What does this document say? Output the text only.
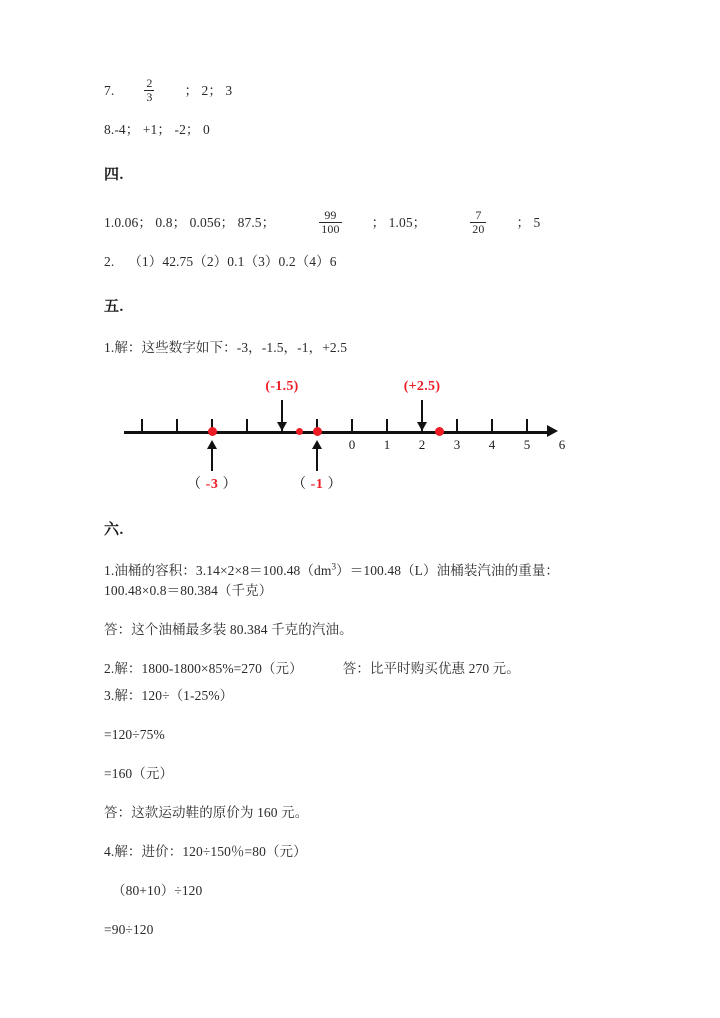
7.	$\frac{2}{3}$ ； 2； 3
8. -4； +1； -2； 0
四.
1. 0.06； 0.8； 0.056； 87.5；	$\frac{99}{100}$ ； 1.05；	$\frac{7}{20}$ ； 5
2. （1）42.75（2）0.1（3）0.2（4）6
五.
1. 解：这些数字如下：-3，-1.5，-1，+2.5
(-1.5)	(+2.5)
0 1 2 3 4 5 6
（ -3 ）	（ -1 ）
六.
1.油桶的容积：$3.14\times 2\times 8=100.48(dm^3)=100.48(L)$油桶装汽油的重量：
100.48×0.8＝80.384（千克）
答：这个油桶最多装 80.384 千克的汽油。
2. 解：1800-1800×85%=270（元）	答：比平时购买优惠 270 元。
3. 解：120÷（1-25%）
=120÷75%
=160（元）
答：这款运动鞋的原价为 160 元。
4. 解：进价：120÷150％=80（元）
（80+10）÷120
=90÷120
